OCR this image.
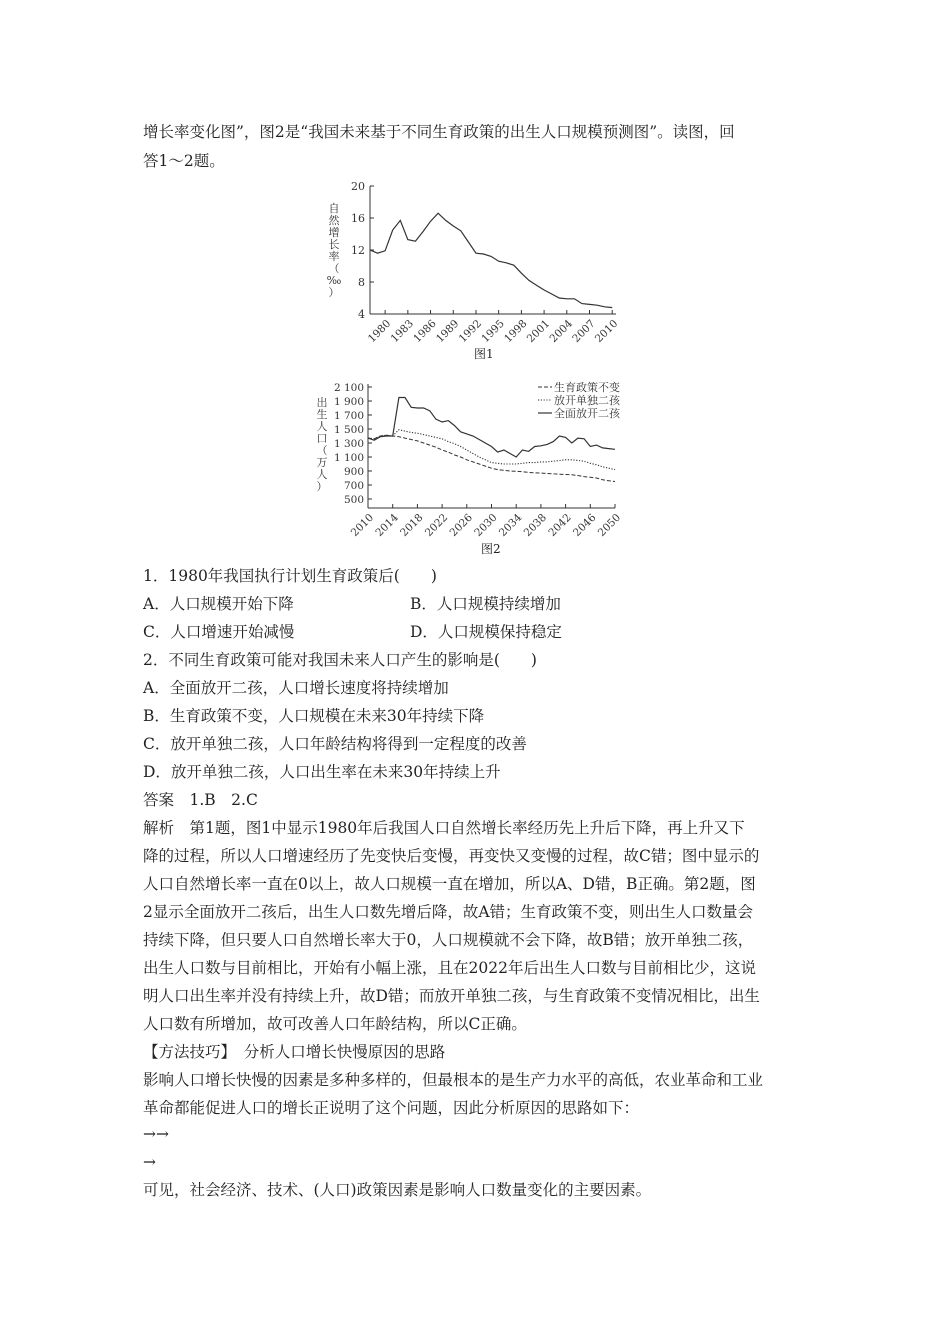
增长率变化图”，图2是“我国未来基于不同生育政策的出生人口规模预测图”。读图，回
答1～2题。
4
8
12
16
20
1980
1983
1986
1989
1992
1995
1998
2001
2004
2007
2010
自
然
增
长
率
（
‰
）
图1
500
700
900
1 100
1 300
1 500
1 700
1 900
2 100
2010
2014
2018
2022
2026
2030
2034
2038
2042
2046
2050
出
生
人
口
（
万
人
）
生育政策不变
放开单独二孩
全面放开二孩
图2
1．1980年我国执行计划生育政策后(　　)
A．人口规模开始下降	B．人口规模持续增加
C．人口增速开始减慢	D．人口规模保持稳定
2．不同生育政策可能对我国未来人口产生的影响是(　　)
A．全面放开二孩，人口增长速度将持续增加
B．生育政策不变，人口规模在未来30年持续下降
C．放开单独二孩，人口年龄结构将得到一定程度的改善
D．放开单独二孩，人口出生率在未来30年持续上升
答案　1.B　2.C
解析　第1题，图1中显示1980年后我国人口自然增长率经历先上升后下降，再上升又下
降的过程，所以人口增速经历了先变快后变慢，再变快又变慢的过程，故C错；图中显示的
人口自然增长率一直在0以上，故人口规模一直在增加，所以A、D错，B正确。第2题，图
2显示全面放开二孩后，出生人口数先增后降，故A错；生育政策不变，则出生人口数量会
持续下降，但只要人口自然增长率大于0，人口规模就不会下降，故B错；放开单独二孩，
出生人口数与目前相比，开始有小幅上涨，且在2022年后出生人口数与目前相比少，这说
明人口出生率并没有持续上升，故D错；而放开单独二孩，与生育政策不变情况相比，出生
人口数有所增加，故可改善人口年龄结构，所以C正确。
【方法技巧】　分析人口增长快慢原因的思路
影响人口增长快慢的因素是多种多样的，但最根本的是生产力水平的高低，农业革命和工业
革命都能促进人口的增长正说明了这个问题，因此分析原因的思路如下：
→→
→
可见，社会经济、技术、(人口)政策因素是影响人口数量变化的主要因素。
